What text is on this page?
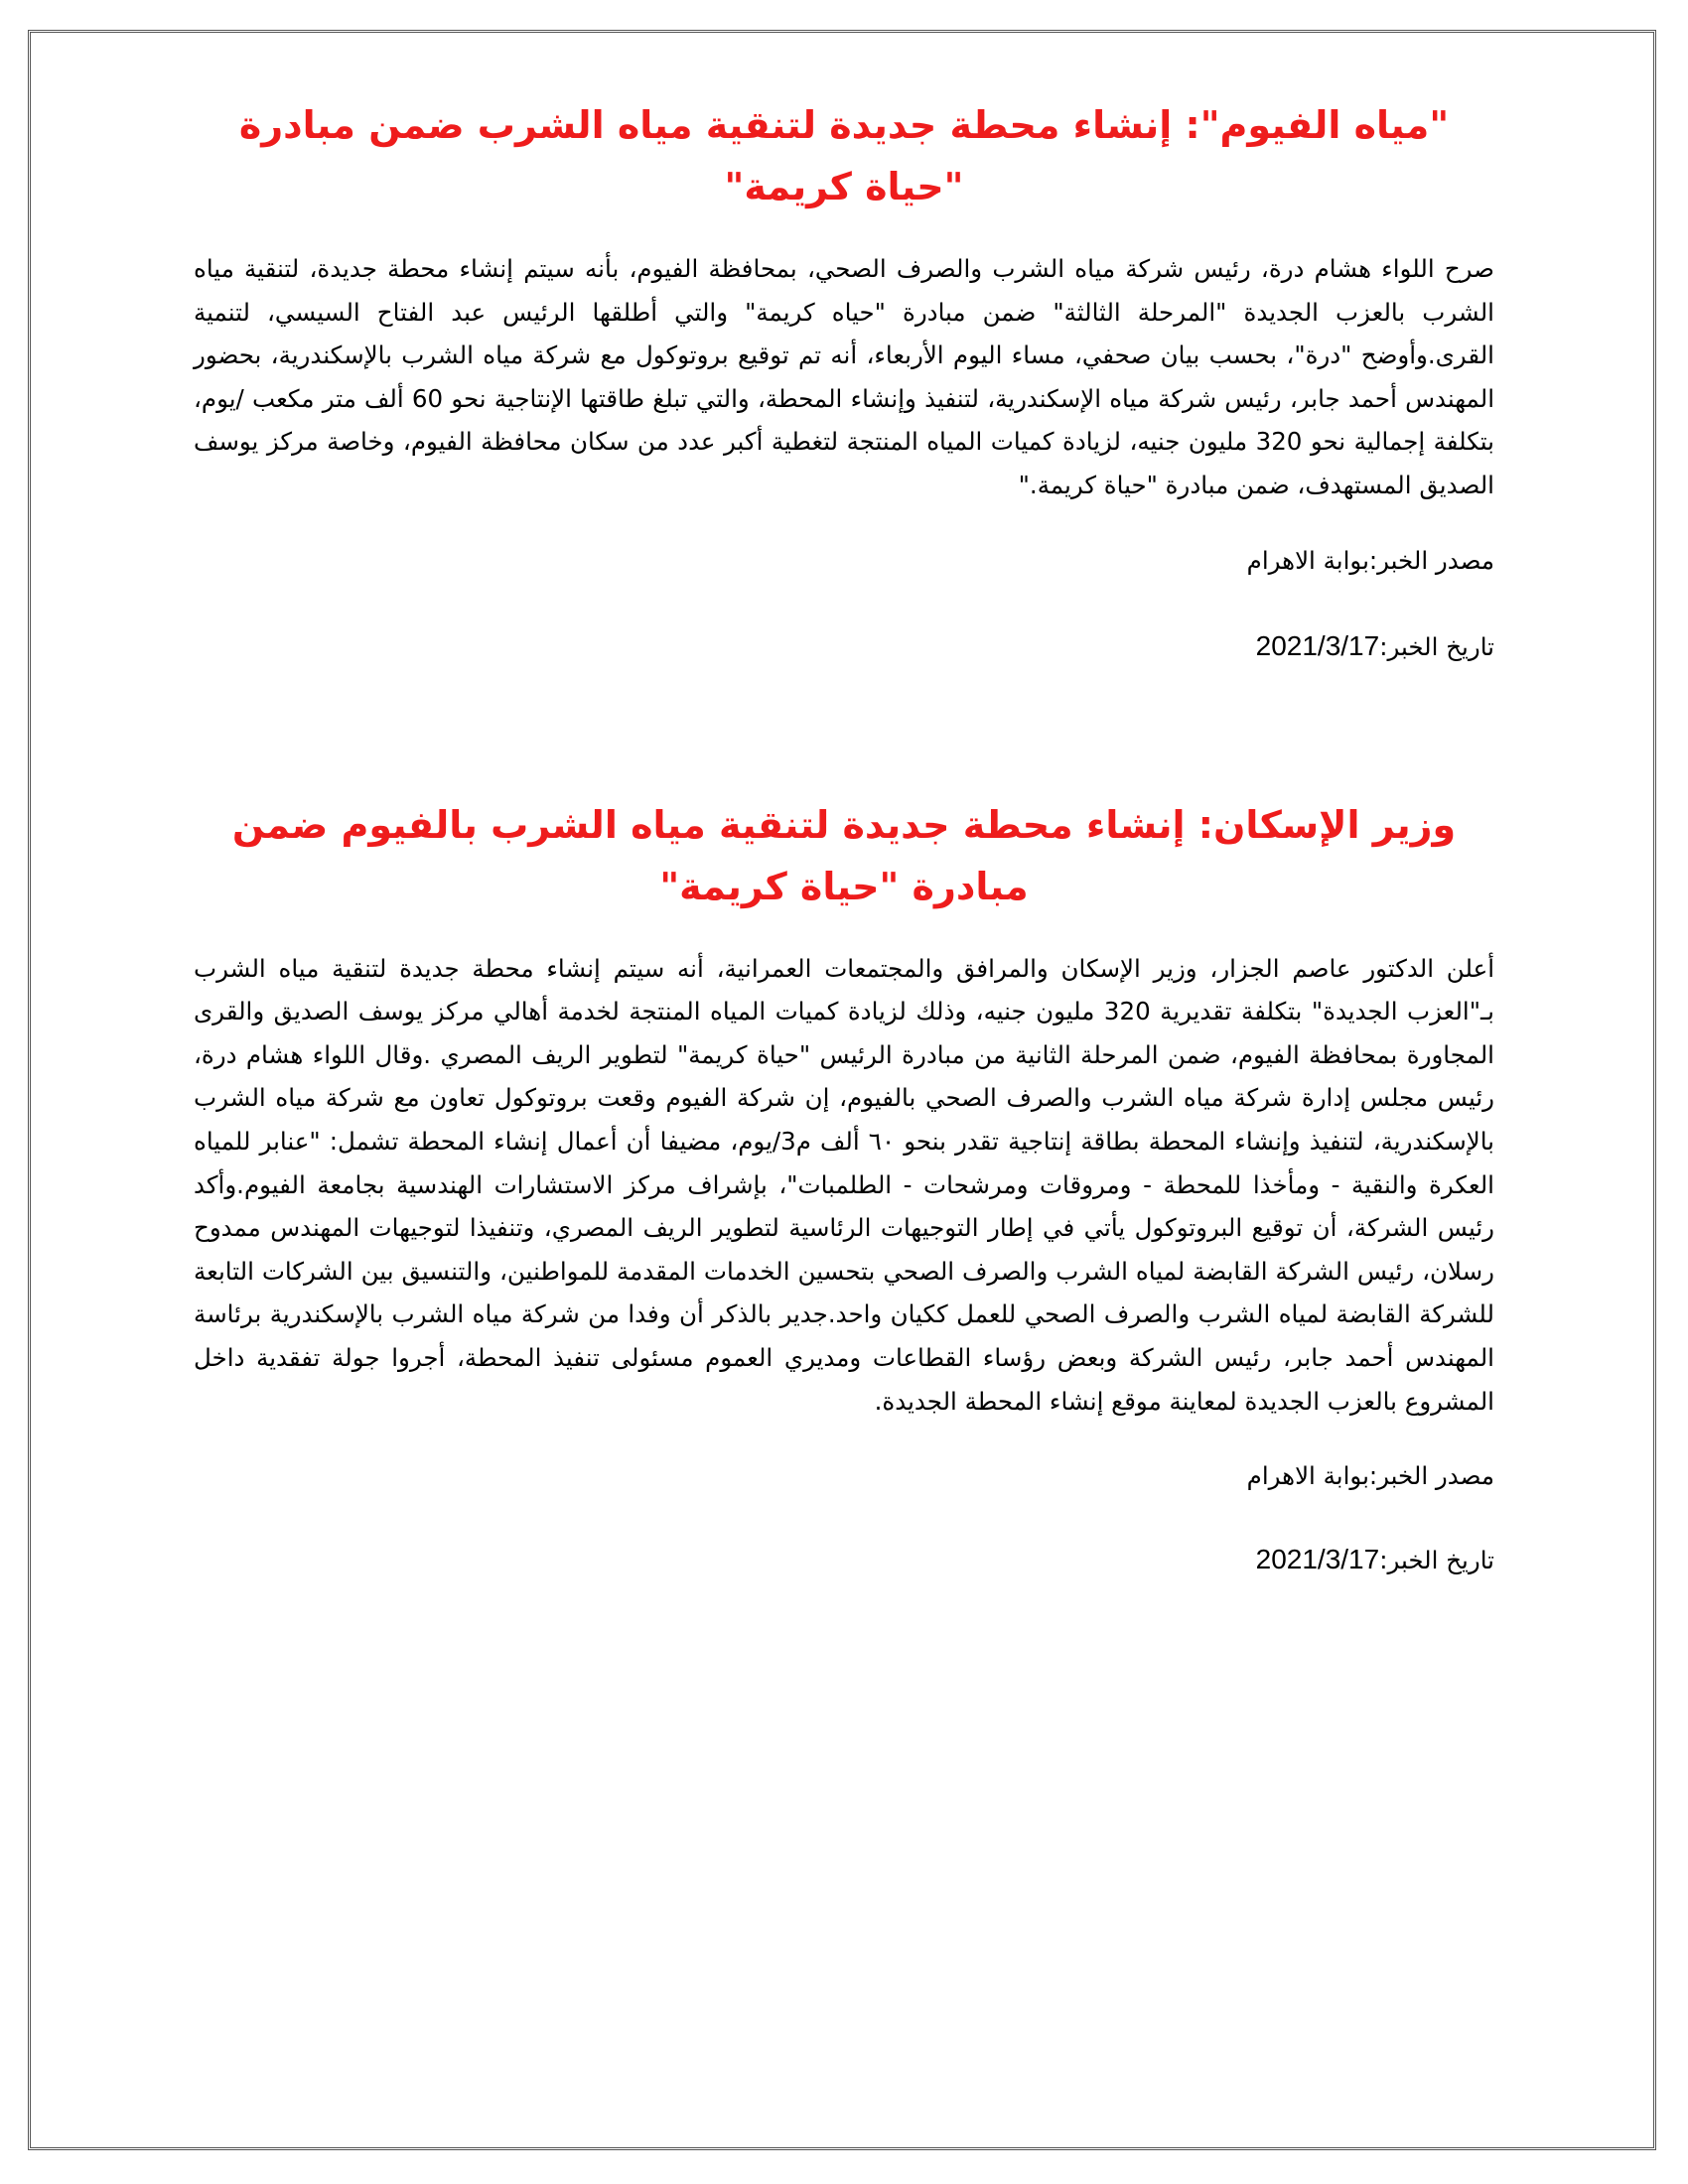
"مياه الفيوم": إنشاء محطة جديدة لتنقية مياه الشرب ضمن مبادرة "حياة كريمة"

صرح اللواء هشام درة، رئيس شركة مياه الشرب والصرف الصحي، بمحافظة الفيوم، بأنه سيتم إنشاء محطة جديدة، لتنقية مياه الشرب بالعزب الجديدة "المرحلة الثالثة" ضمن مبادرة "حياه كريمة" والتي أطلقها الرئيس عبد الفتاح السيسي، لتنمية القرى.وأوضح "درة"، بحسب بيان صحفي، مساء اليوم الأربعاء، أنه تم توقيع بروتوكول مع شركة مياه الشرب بالإسكندرية، بحضور المهندس أحمد جابر، رئيس شركة مياه الإسكندرية، لتنفيذ وإنشاء المحطة، والتي تبلغ طاقتها الإنتاجية نحو 60 ألف متر مكعب /يوم، بتكلفة إجمالية نحو 320 مليون جنيه، لزيادة كميات المياه المنتجة لتغطية أكبر عدد من سكان محافظة الفيوم، وخاصة مركز يوسف الصديق المستهدف، ضمن مبادرة "حياة كريمة."

مصدر الخبر:بوابة الاهرام

تاريخ الخبر:2021/3/17

وزير الإسكان: إنشاء محطة جديدة لتنقية مياه الشرب بالفيوم ضمن مبادرة "حياة كريمة"

أعلن الدكتور عاصم الجزار، وزير الإسكان والمرافق والمجتمعات العمرانية، أنه سيتم إنشاء محطة جديدة لتنقية مياه الشرب بـ"العزب الجديدة" بتكلفة تقديرية 320 مليون جنيه، وذلك لزيادة كميات المياه المنتجة لخدمة أهالي مركز يوسف الصديق والقرى المجاورة بمحافظة الفيوم، ضمن المرحلة الثانية من مبادرة الرئيس "حياة كريمة" لتطوير الريف المصري .وقال اللواء هشام درة، رئيس مجلس إدارة شركة مياه الشرب والصرف الصحي بالفيوم، إن شركة الفيوم وقعت بروتوكول تعاون مع شركة مياه الشرب بالإسكندرية، لتنفيذ وإنشاء المحطة بطاقة إنتاجية تقدر بنحو ٦٠ ألف م3/يوم، مضيفا أن أعمال إنشاء المحطة تشمل: "عنابر للمياه العكرة والنقية - ومأخذا للمحطة - ومروقات ومرشحات - الطلمبات"، بإشراف مركز الاستشارات الهندسية بجامعة الفيوم.وأكد رئيس الشركة، أن توقيع البروتوكول يأتي في إطار التوجيهات الرئاسية لتطوير الريف المصري، وتنفيذا لتوجيهات المهندس ممدوح رسلان، رئيس الشركة القابضة لمياه الشرب والصرف الصحي بتحسين الخدمات المقدمة للمواطنين، والتنسيق بين الشركات التابعة للشركة القابضة لمياه الشرب والصرف الصحي للعمل ككيان واحد.جدير بالذكر أن وفدا من شركة مياه الشرب بالإسكندرية برئاسة المهندس أحمد جابر، رئيس الشركة وبعض رؤساء القطاعات ومديري العموم مسئولى تنفيذ المحطة، أجروا جولة تفقدية داخل المشروع بالعزب الجديدة لمعاينة موقع إنشاء المحطة الجديدة.

مصدر الخبر:بوابة الاهرام

تاريخ الخبر:2021/3/17
